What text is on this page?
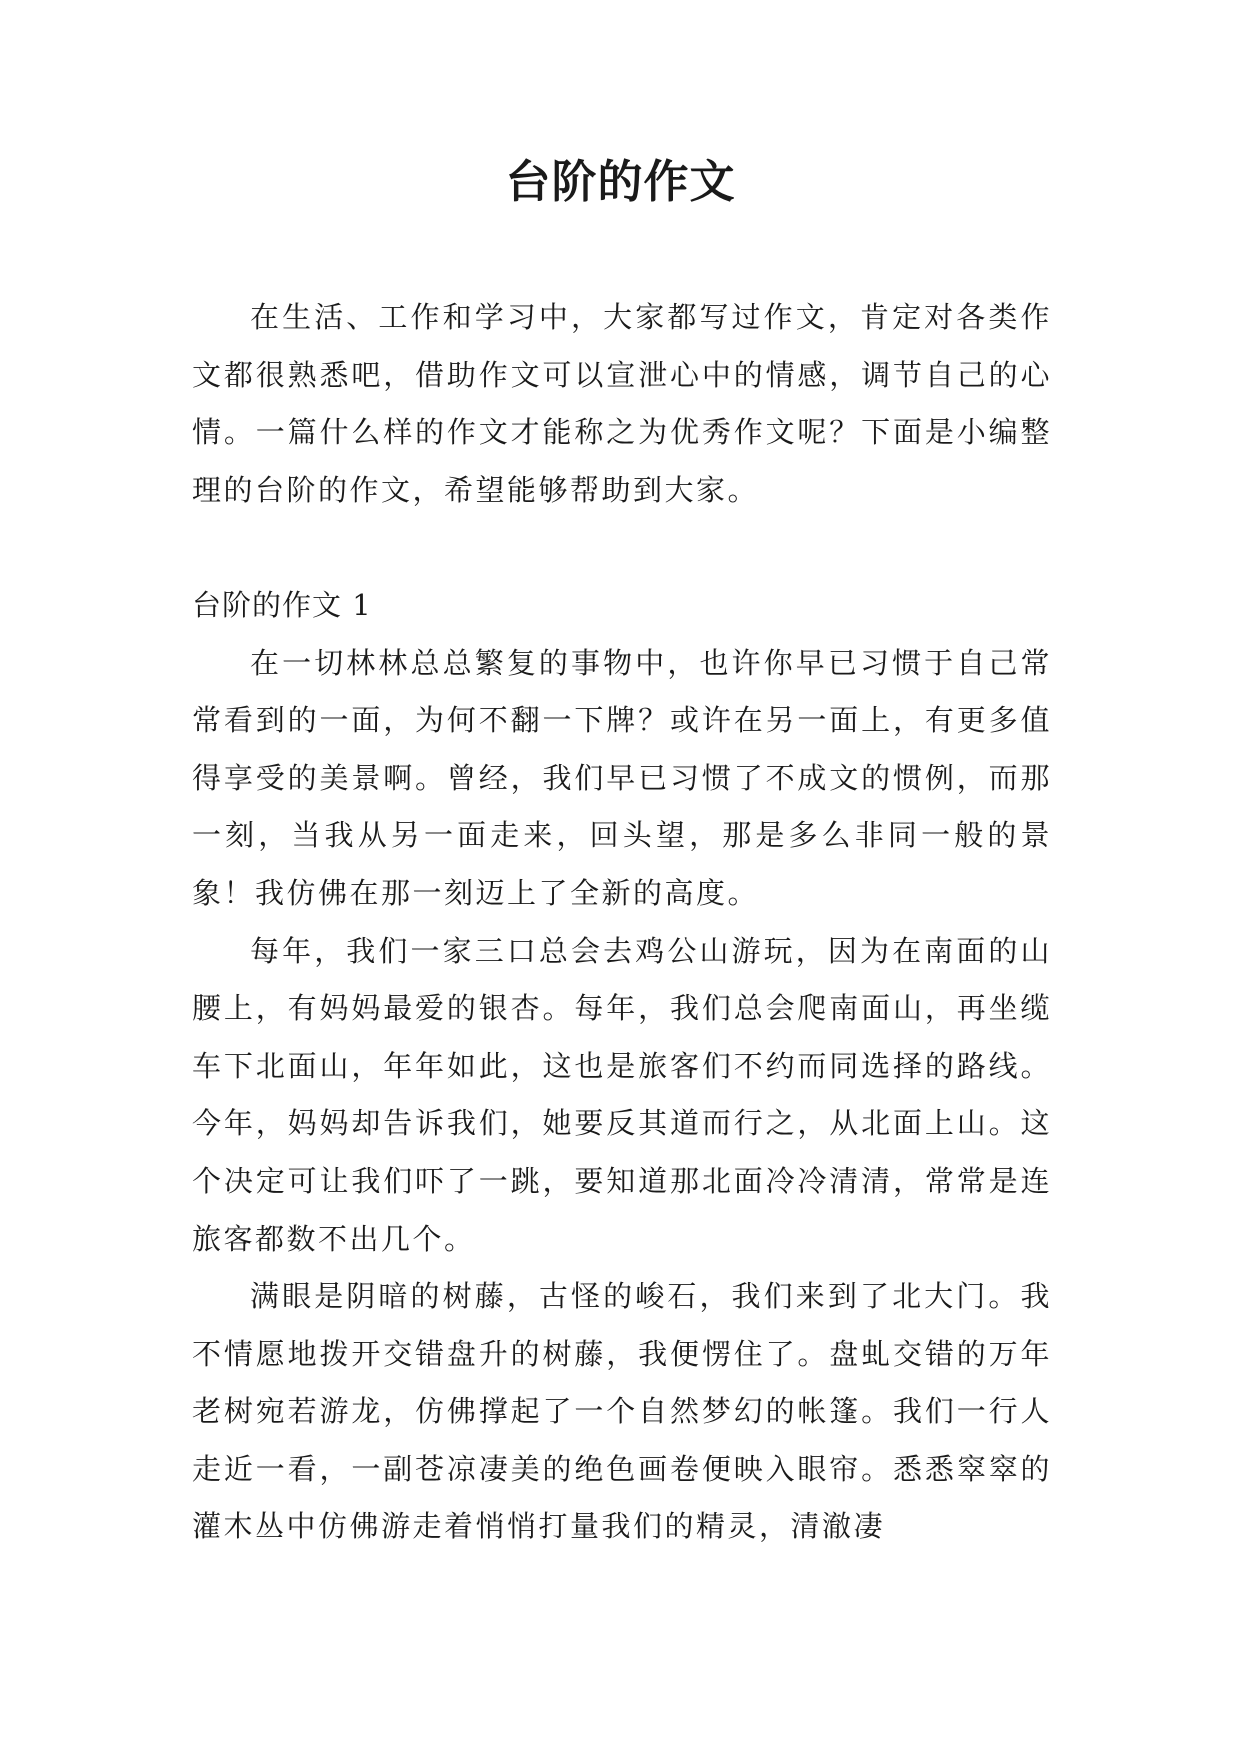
台阶的作文

在生活、工作和学习中，大家都写过作文，肯定对各类作文都很熟悉吧，借助作文可以宣泄心中的情感，调节自己的心情。一篇什么样的作文才能称之为优秀作文呢？下面是小编整理的台阶的作文，希望能够帮助到大家。

台阶的作文 1

在一切林林总总繁复的事物中，也许你早已习惯于自己常常看到的一面，为何不翻一下牌？或许在另一面上，有更多值得享受的美景啊。曾经，我们早已习惯了不成文的惯例，而那一刻，当我从另一面走来，回头望，那是多么非同一般的景象！我仿佛在那一刻迈上了全新的高度。

每年，我们一家三口总会去鸡公山游玩，因为在南面的山腰上，有妈妈最爱的银杏。每年，我们总会爬南面山，再坐缆车下北面山，年年如此，这也是旅客们不约而同选择的路线。今年，妈妈却告诉我们，她要反其道而行之，从北面上山。这个决定可让我们吓了一跳，要知道那北面冷冷清清，常常是连旅客都数不出几个。

满眼是阴暗的树藤，古怪的峻石，我们来到了北大门。我不情愿地拨开交错盘升的树藤，我便愣住了。盘虬交错的万年老树宛若游龙，仿佛撑起了一个自然梦幻的帐篷。我们一行人走近一看，一副苍凉凄美的绝色画卷便映入眼帘。悉悉窣窣的灌木丛中仿佛游走着悄悄打量我们的精灵，清澈凄
